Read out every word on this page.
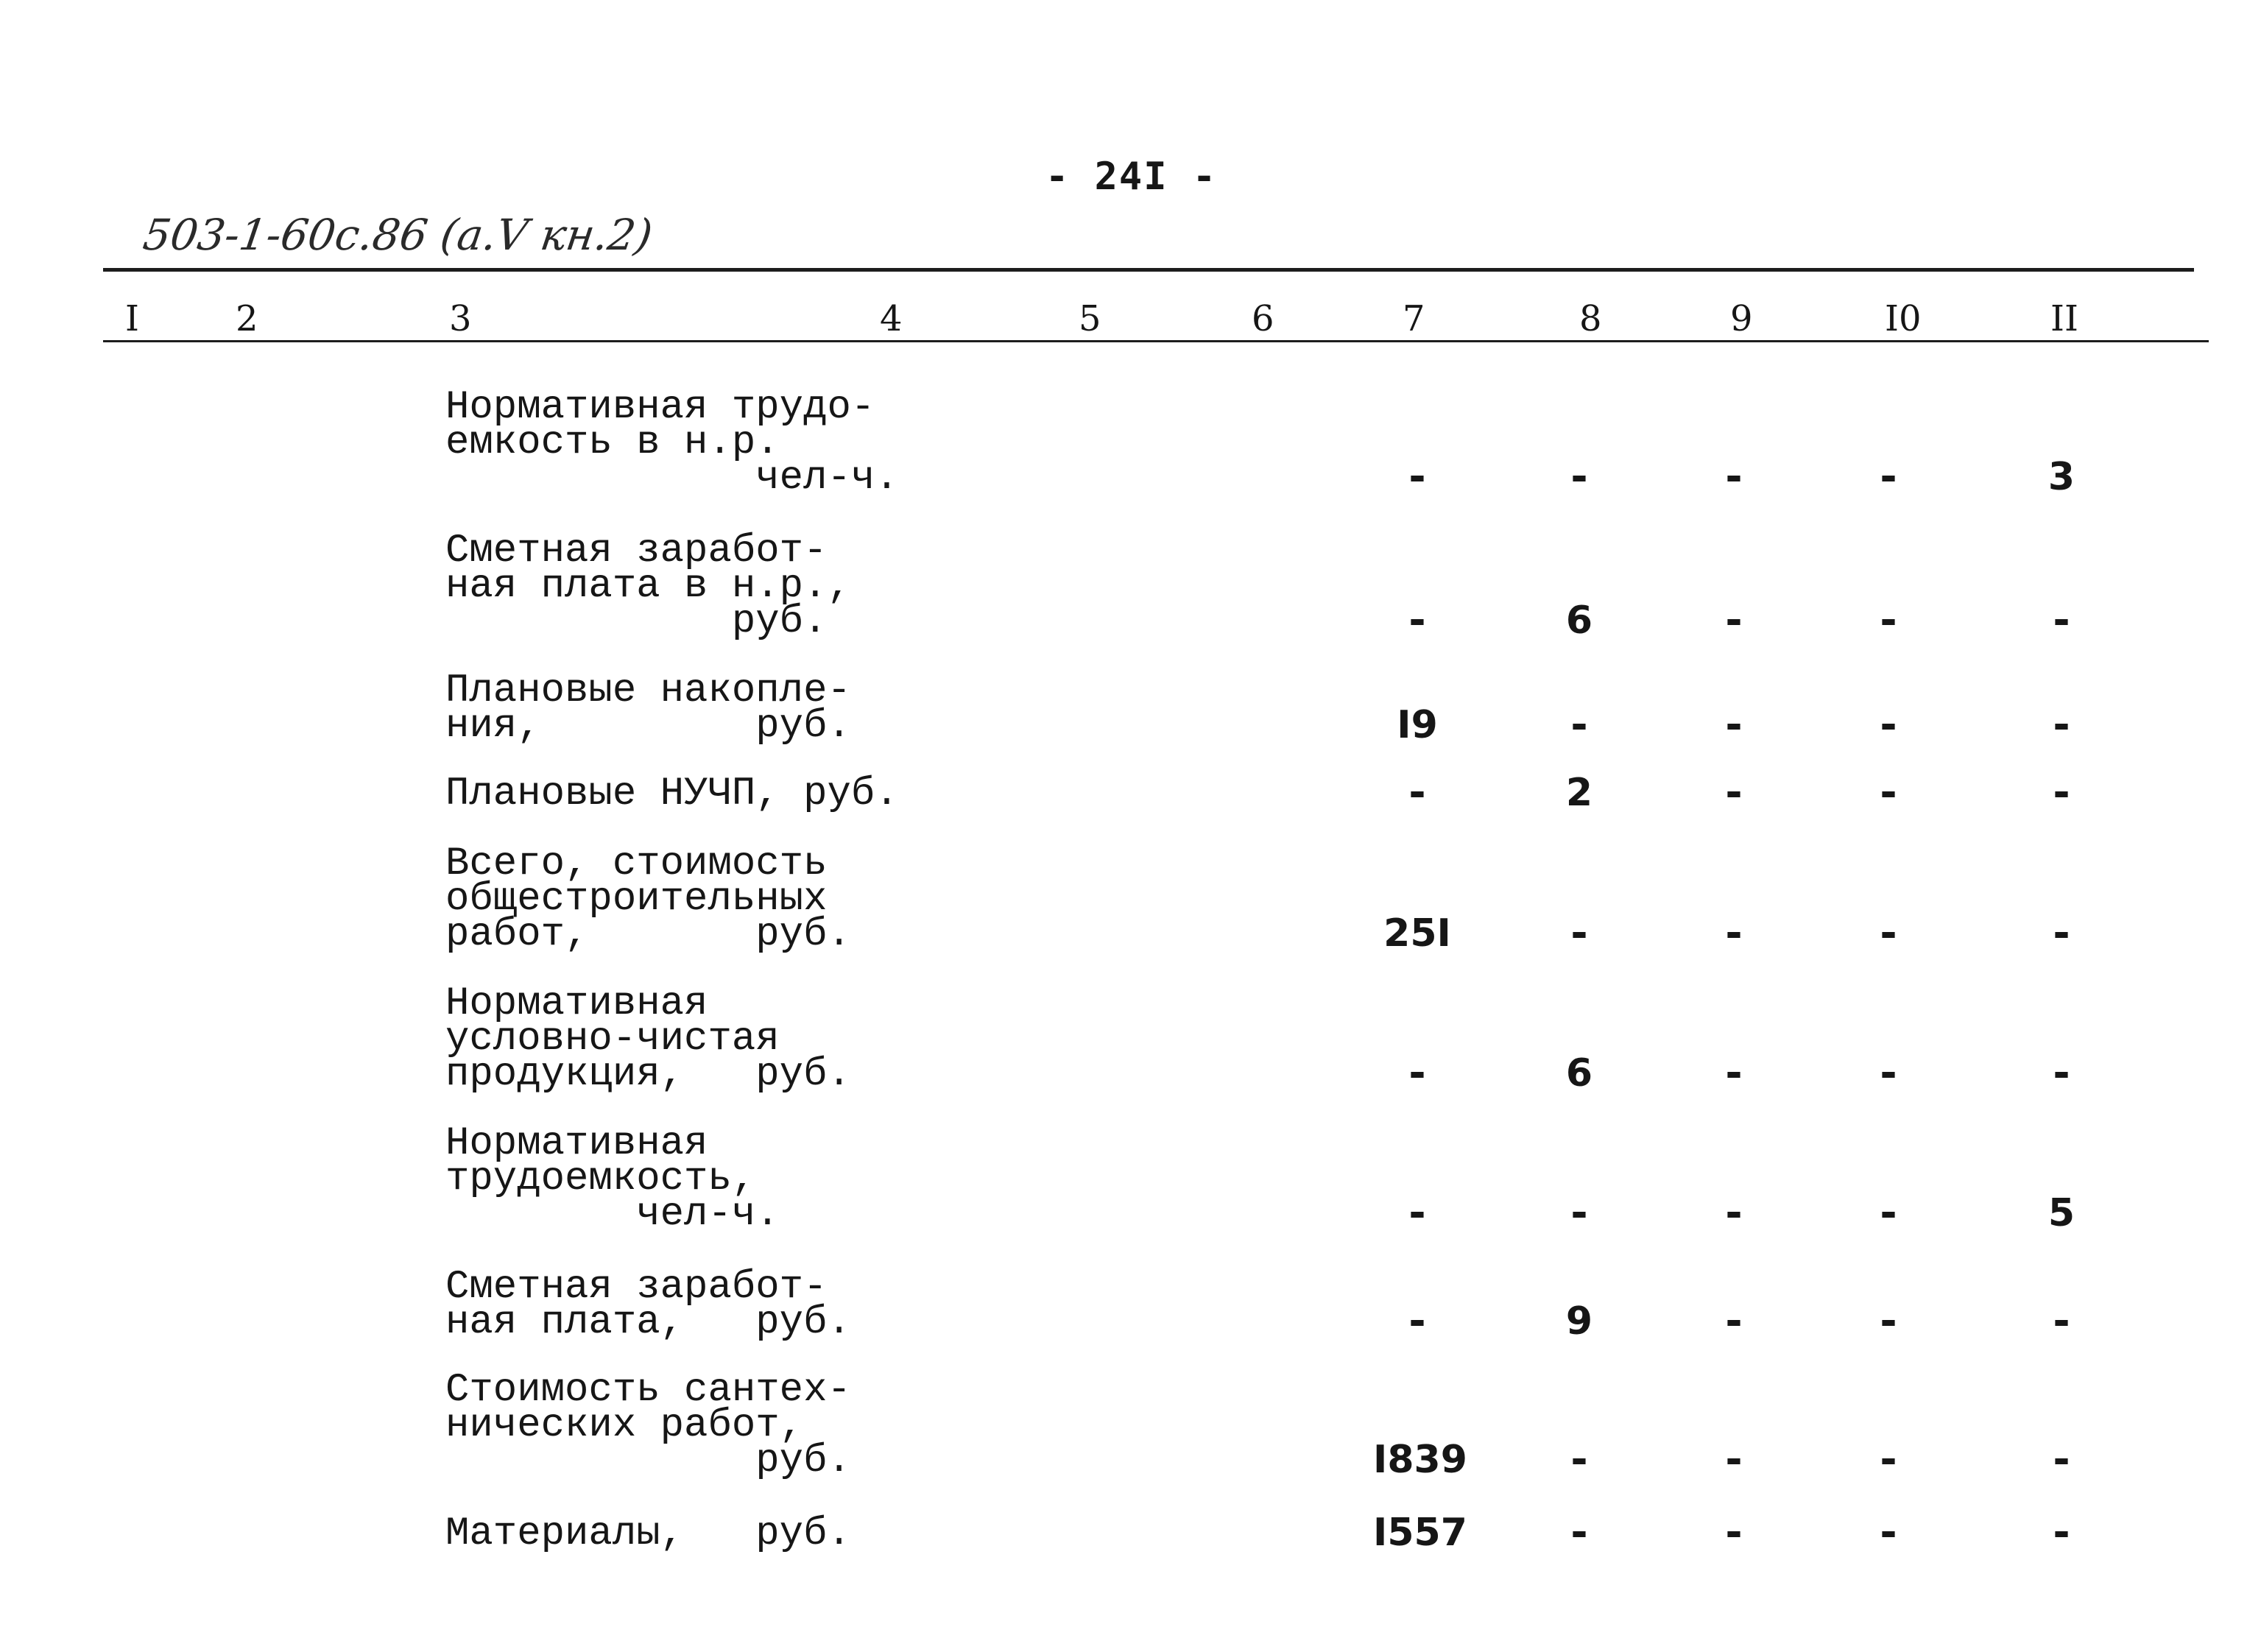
- 24I -
503-1-60с.86 (а.V кн.2)
I	2	3	4	5	6	7	8	9	I0	II
Нормативная трудо-
емкость в н.р.
чел-ч.	-	-	-	-	3
Сметная заработ-
ная плата в н.р.,
руб.	-	6	-	-	-
Плановые накопле-
ния,         руб.	I9	-	-	-	-
Плановые НУЧП, руб.	-	2	-	-	-
Всего, стоимость
общестроительных
работ,       руб.	25I	-	-	-	-
Нормативная
условно-чистая
продукция,   руб.	-	6	-	-	-
Нормативная
трудоемкость,
чел-ч.	-	-	-	-	5
Сметная заработ-
ная плата,   руб.	-	9	-	-	-
Стоимость сантех-
нических работ,
руб.	I839	-	-	-	-
Материалы,   руб.	I557	-	-	-	-
